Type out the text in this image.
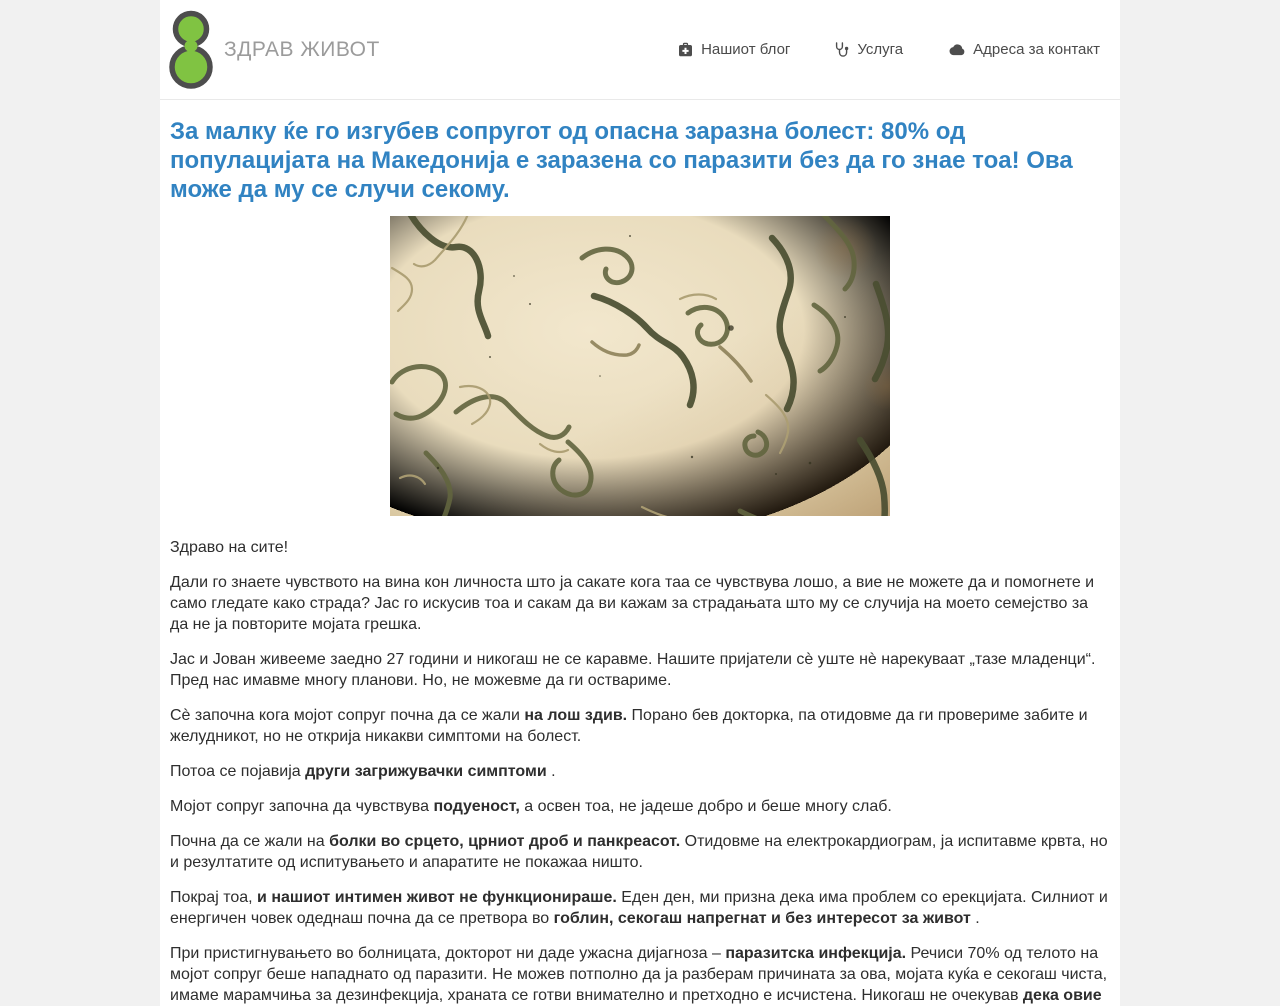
ЗДРАВ ЖИВОТ	Нашиот блог	Услуга	Адреса за контакт
За малку ќе го изгубев сопругот од опасна заразна болест: 80% од популацијата на Македонија е заразена со паразити без да го знае тоа! Ова може да му се случи секому.

Здраво на сите!

Дали го знаете чувството на вина кон личноста што ја сакате кога таа се чувствува лошо, а вие не можете да и помогнете и само гледате како страда? Јас го искусив тоа и сакам да ви кажам за страдањата што му се случија на моето семејство за да не ја повторите мојата грешка.

Јас и Јован живееме заедно 27 години и никогаш не се каравме. Нашите пријатели сè уште нè нарекуваат „тазе младенци“. Пред нас имавме многу планови. Но, не можевме да ги оствариме.

Сè започна кога мојот сопруг почна да се жали на лош здив. Порано бев докторка, па отидовме да ги провериме забите и желудникот, но не открија никакви симптоми на болест.

Потоа се појавија други загрижувачки симптоми .

Мојот сопруг започна да чувствува подуеност, а освен тоа, не јадеше добро и беше многу слаб.

Почна да се жали на болки во срцето, црниот дроб и панкреасот. Отидовме на електрокардиограм, ја испитавме крвта, но и резултатите од испитувањето и апаратите не покажаа ништо.

Покрај тоа, и нашиот интимен живот не функционираше. Еден ден, ми призна дека има проблем со ерекцијата. Силниот и енергичен човек одеднаш почна да се претвора во гоблин, секогаш напрегнат и без интересот за живот .

При пристигнувањето во болницата, докторот ни даде ужасна дијагноза – паразитска инфекција. Речиси 70% од телото на мојот сопруг беше нападнато од паразити. Не можев потполно да ја разберам причината за ова, мојата куќа е секогаш чиста, имаме марамчиња за дезинфекција, храната се готви внимателно и претходно е исчистена. Никогаш не очекував дека овие
